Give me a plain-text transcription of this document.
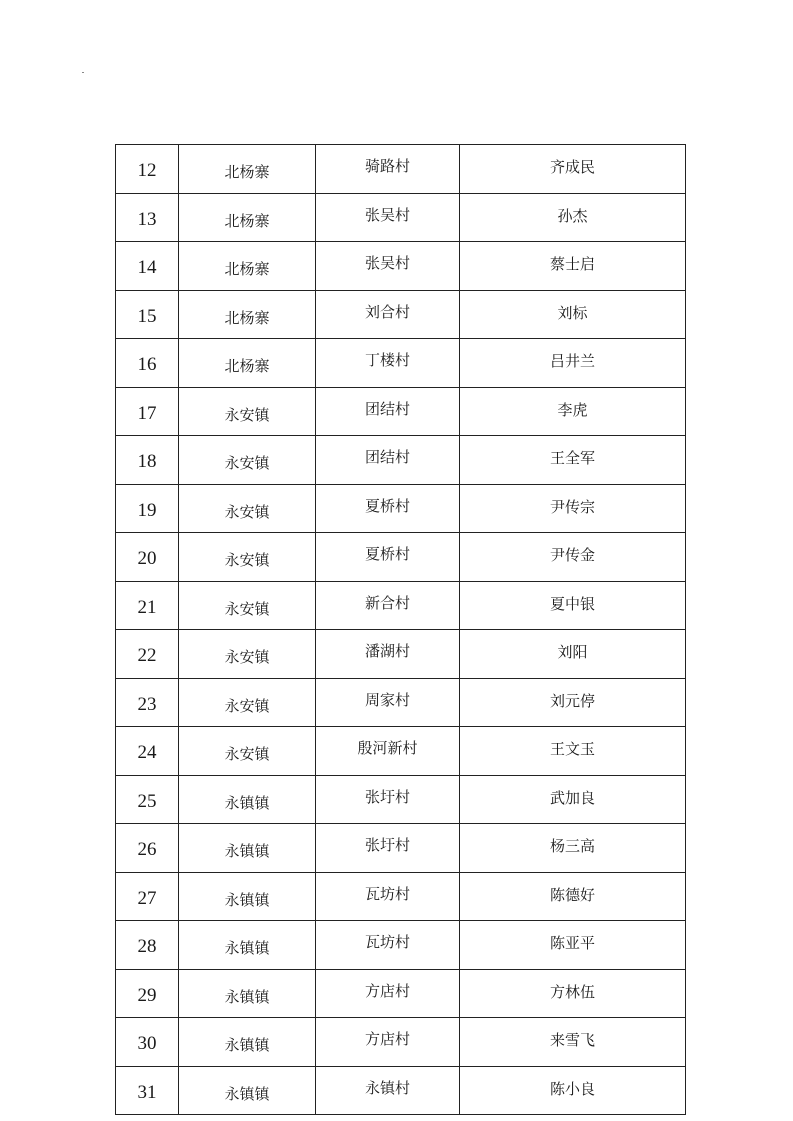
12	北杨寨	骑路村	齐成民
13	北杨寨	张吴村	孙杰
14	北杨寨	张吴村	蔡士启
15	北杨寨	刘合村	刘标
16	北杨寨	丁楼村	吕井兰
17	永安镇	团结村	李虎
18	永安镇	团结村	王全军
19	永安镇	夏桥村	尹传宗
20	永安镇	夏桥村	尹传金
21	永安镇	新合村	夏中银
22	永安镇	潘湖村	刘阳
23	永安镇	周家村	刘元停
24	永安镇	殷河新村	王文玉
25	永镇镇	张圩村	武加良
26	永镇镇	张圩村	杨三高
27	永镇镇	瓦坊村	陈德好
28	永镇镇	瓦坊村	陈亚平
29	永镇镇	方店村	方林伍
30	永镇镇	方店村	来雪飞
31	永镇镇	永镇村	陈小良
